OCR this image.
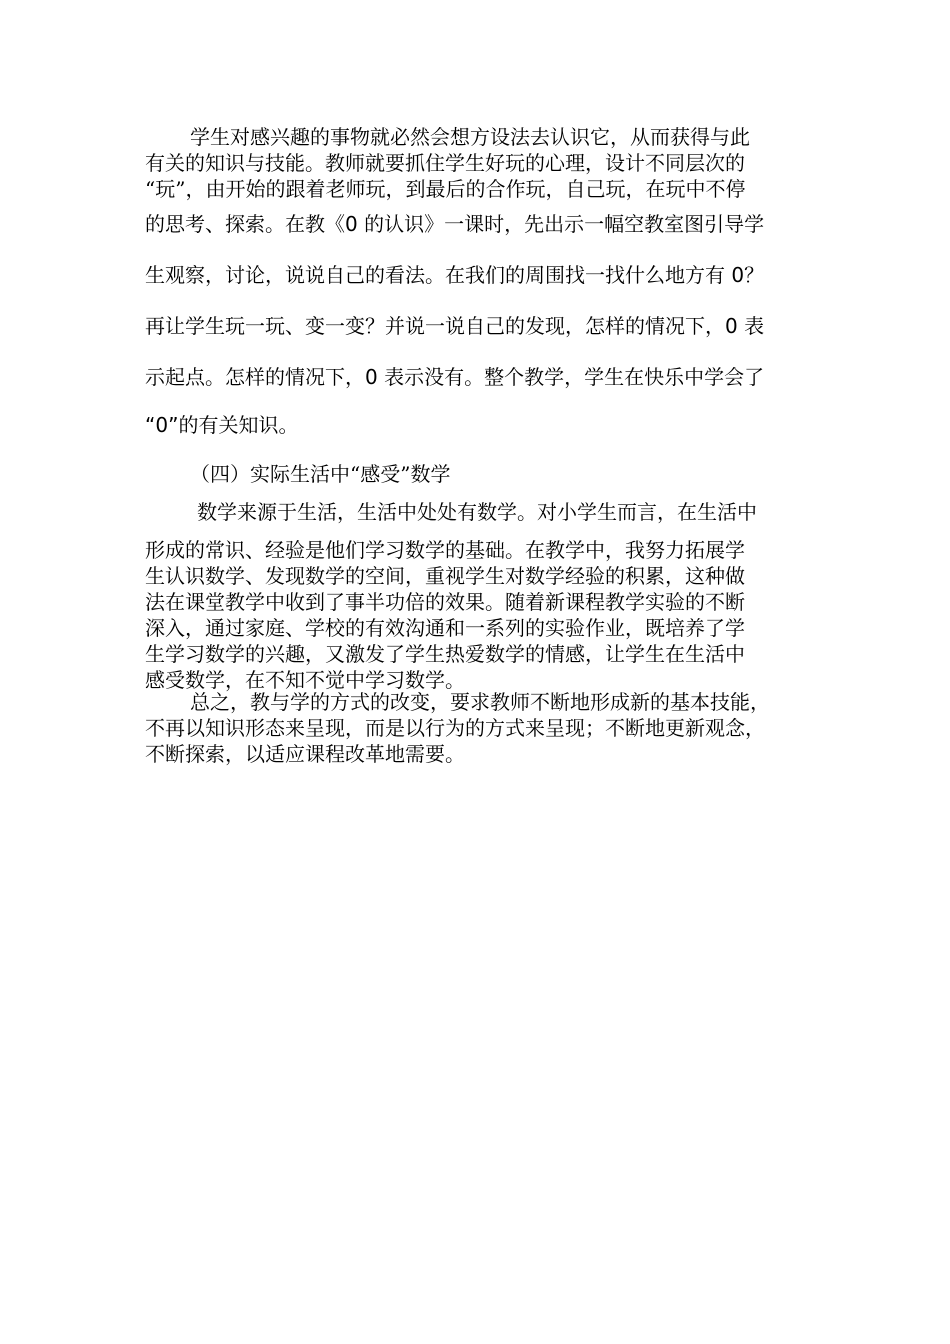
学生对感兴趣的事物就必然会想方设法去认识它，从而获得与此
有关的知识与技能。教师就要抓住学生好玩的心理，设计不同层次的
“玩”，由开始的跟着老师玩，到最后的合作玩，自己玩，在玩中不停
的思考、探索。在教《0 的认识》一课时，先出示一幅空教室图引导学
生观察，讨论，说说自己的看法。在我们的周围找一找什么地方有 0？
再让学生玩一玩、变一变？并说一说自己的发现，怎样的情况下，0 表
示起点。怎样的情况下，0 表示没有。整个教学，学生在快乐中学会了
“0”的有关知识。
（四）实际生活中“感受”数学
数学来源于生活，生活中处处有数学。对小学生而言，在生活中
形成的常识、经验是他们学习数学的基础。在教学中，我努力拓展学
生认识数学、发现数学的空间，重视学生对数学经验的积累，这种做
法在课堂教学中收到了事半功倍的效果。随着新课程教学实验的不断
深入，通过家庭、学校的有效沟通和一系列的实验作业，既培养了学
生学习数学的兴趣，又激发了学生热爱数学的情感，让学生在生活中
感受数学，在不知不觉中学习数学。
总之，教与学的方式的改变，要求教师不断地形成新的基本技能，
不再以知识形态来呈现，而是以行为的方式来呈现；不断地更新观念，
不断探索，以适应课程改革地需要。
